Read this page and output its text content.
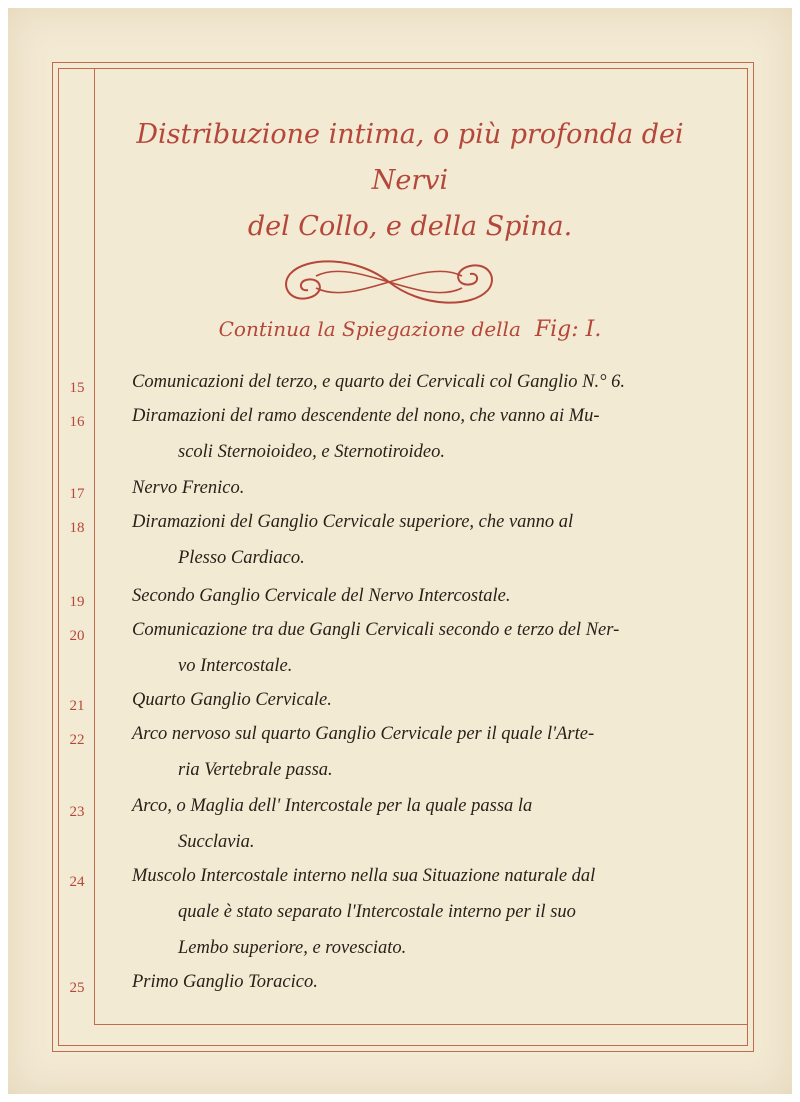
Distribuzione intima, o più profonda dei Nervi
del Collo, e della Spina.
Continua la Spiegazione della Fig: I.
15	Comunicazioni del terzo, e quarto dei Cervicali col Ganglio N.° 6.
16	Diramazioni del ramo descendente del nono, che vanno ai Mu-
scoli Sternoioideo, e Sternotiroideo.
17	Nervo Frenico.
18	Diramazioni del Ganglio Cervicale superiore, che vanno al
Plesso Cardiaco.
19	Secondo Ganglio Cervicale del Nervo Intercostale.
20	Comunicazione tra due Gangli Cervicali secondo e terzo del Ner-
vo Intercostale.
21	Quarto Ganglio Cervicale.
22	Arco nervoso sul quarto Ganglio Cervicale per il quale l'Arte-
ria Vertebrale passa.
23	Arco, o Maglia dell' Intercostale per la quale passa la
Succlavia.
24	Muscolo Intercostale interno nella sua Situazione naturale dal
quale è stato separato l'Intercostale interno per il suo
Lembo superiore, e rovesciato.
25	Primo Ganglio Toracico.
